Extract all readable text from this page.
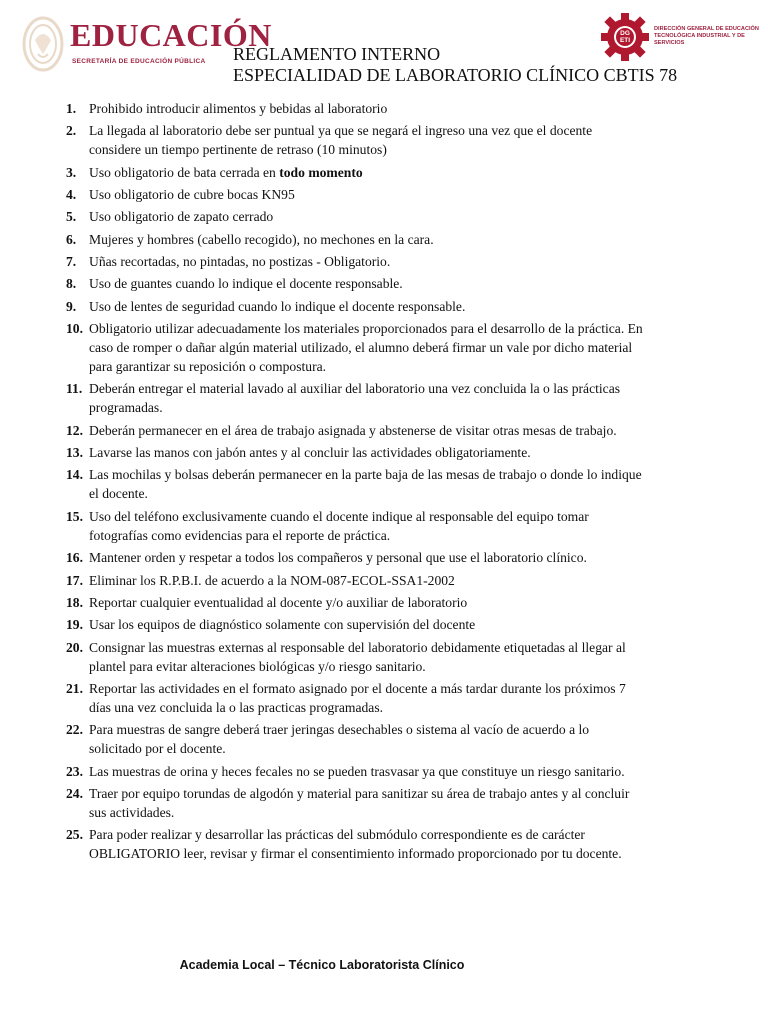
EDUCACIÓN
SECRETARÍA DE EDUCACIÓN PÚBLICA
DG
ETI
DIRECCIÓN GENERAL DE EDUCACIÓN
TECNOLÓGICA INDUSTRIAL Y DE SERVICIOS
REGLAMENTO INTERNO
ESPECIALIDAD DE LABORATORIO CLÍNICO CBTIS 78
1. Prohibido introducir alimentos y bebidas al laboratorio
2. La llegada al laboratorio debe ser puntual ya que se negará el ingreso una vez que el docente considere un tiempo pertinente de retraso (10 minutos)
3. Uso obligatorio de bata cerrada en todo momento
4. Uso obligatorio de cubre bocas KN95
5. Uso obligatorio de zapato cerrado
6. Mujeres y hombres (cabello recogido), no mechones en la cara.
7. Uñas recortadas, no pintadas, no postizas - Obligatorio.
8. Uso de guantes cuando lo indique el docente responsable.
9. Uso de lentes de seguridad cuando lo indique el docente responsable.
10. Obligatorio utilizar adecuadamente los materiales proporcionados para el desarrollo de la práctica. En caso de romper o dañar algún material utilizado, el alumno deberá firmar un vale por dicho material para garantizar su reposición o compostura.
11. Deberán entregar el material lavado al auxiliar del laboratorio una vez concluida la o las prácticas programadas.
12. Deberán permanecer en el área de trabajo asignada y abstenerse de visitar otras mesas de trabajo.
13. Lavarse las manos con jabón antes y al concluir las actividades obligatoriamente.
14. Las mochilas y bolsas deberán permanecer en la parte baja de las mesas de trabajo o donde lo indique el docente.
15. Uso del teléfono exclusivamente cuando el docente indique al responsable del equipo tomar fotografías como evidencias para el reporte de práctica.
16. Mantener orden y respetar a todos los compañeros y personal que use el laboratorio clínico.
17. Eliminar los R.P.B.I. de acuerdo a la NOM-087-ECOL-SSA1-2002
18. Reportar cualquier eventualidad al docente y/o auxiliar de laboratorio
19. Usar los equipos de diagnóstico solamente con supervisión del docente
20. Consignar las muestras externas al responsable del laboratorio debidamente etiquetadas al llegar al plantel para evitar alteraciones biológicas y/o riesgo sanitario.
21. Reportar las actividades en el formato asignado por el docente a más tardar durante los próximos 7 días una vez concluida la o las practicas programadas.
22. Para muestras de sangre deberá traer jeringas desechables o sistema al vacío de acuerdo a lo solicitado por el docente.
23. Las muestras de orina y heces fecales no se pueden trasvasar ya que constituye un riesgo sanitario.
24. Traer por equipo torundas de algodón y material para sanitizar su área de trabajo antes y al concluir sus actividades.
25. Para poder realizar y desarrollar las prácticas del submódulo correspondiente es de carácter OBLIGATORIO leer, revisar y firmar el consentimiento informado proporcionado por tu docente.
Academia Local – Técnico Laboratorista Clínico
